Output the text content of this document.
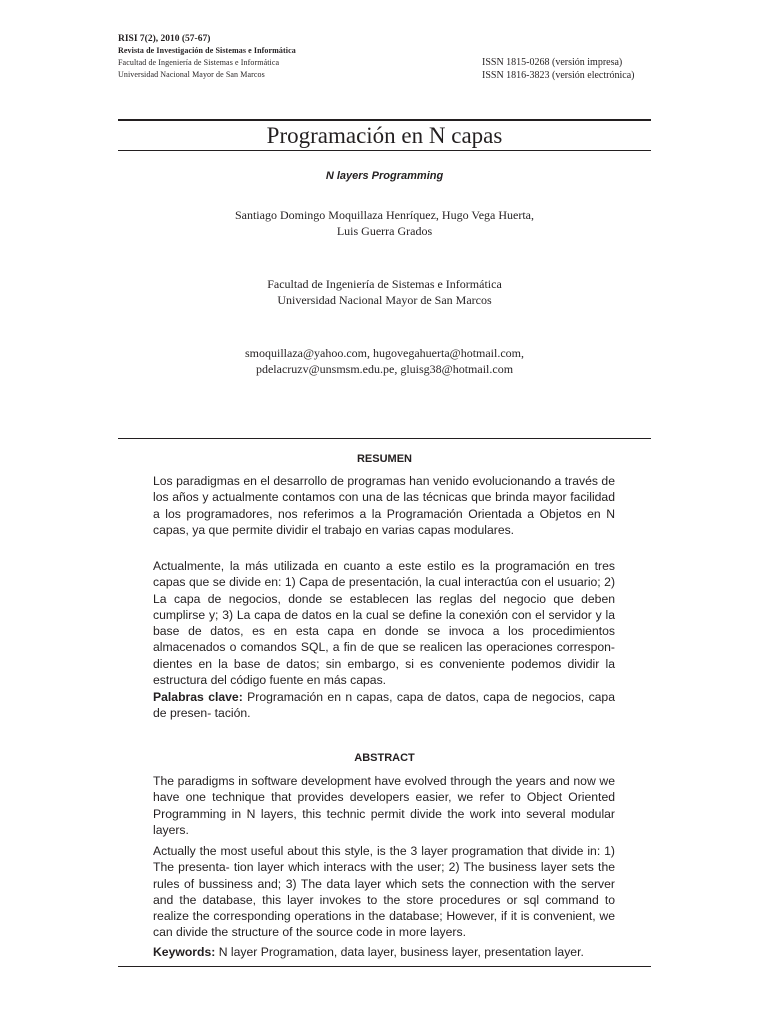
RISI 7(2), 2010 (57-67)
Revista de Investigación de Sistemas e Informática
Facultad de Ingeniería de Sistemas e Informática
Universidad Nacional Mayor de San Marcos
ISSN 1815-0268 (versión impresa)
ISSN 1816-3823 (versión electrónica)
Programación en N capas
N layers Programming
Santiago Domingo Moquillaza Henríquez, Hugo Vega Huerta,
Luis Guerra Grados
Facultad de Ingeniería de Sistemas e Informática
Universidad Nacional Mayor de San Marcos
smoquillaza@yahoo.com, hugovegahuerta@hotmail.com,
pdelacruzv@unsmsm.edu.pe, gluisg38@hotmail.com
RESUMEN
Los paradigmas en el desarrollo de programas han venido evolucionando a través de los años y actualmente contamos con una de las técnicas que brinda mayor facilidad a los programadores, nos referimos a la Programación Orientada a Objetos en N capas, ya que permite dividir el trabajo en varias capas modulares.
Actualmente, la más utilizada en cuanto a este estilo es la programación en tres capas que se divide en: 1) Capa de presentación, la cual interactúa con el usuario; 2) La capa de negocios, donde se establecen las reglas del negocio que deben cumplirse y; 3) La capa de datos en la cual se define la conexión con el servidor y la base de datos, es en esta capa en donde se invoca a los procedimientos almacenados o comandos SQL, a fin de que se realicen las operaciones correspon- dientes en la base de datos; sin embargo, si es conveniente podemos dividir la estructura del código fuente en más capas.
Palabras clave: Programación en n capas, capa de datos, capa de negocios, capa de presen- tación.
ABSTRACT
The paradigms in software development have evolved through the years and now we have one technique that provides developers easier, we refer to Object Oriented Programming in N layers, this technic permit divide the work into several modular layers.
Actually the most useful about this style, is the 3 layer programation that divide in: 1) The presenta- tion layer which interacs with the user; 2) The business layer sets the rules of bussiness and; 3) The data layer which sets the connection with the server and the database, this layer invokes to the store procedures or sql command to realize the corresponding operations in the database; However, if it is convenient, we can divide the structure of the source code in more layers.
Keywords: N layer Programation, data layer, business layer, presentation layer.
